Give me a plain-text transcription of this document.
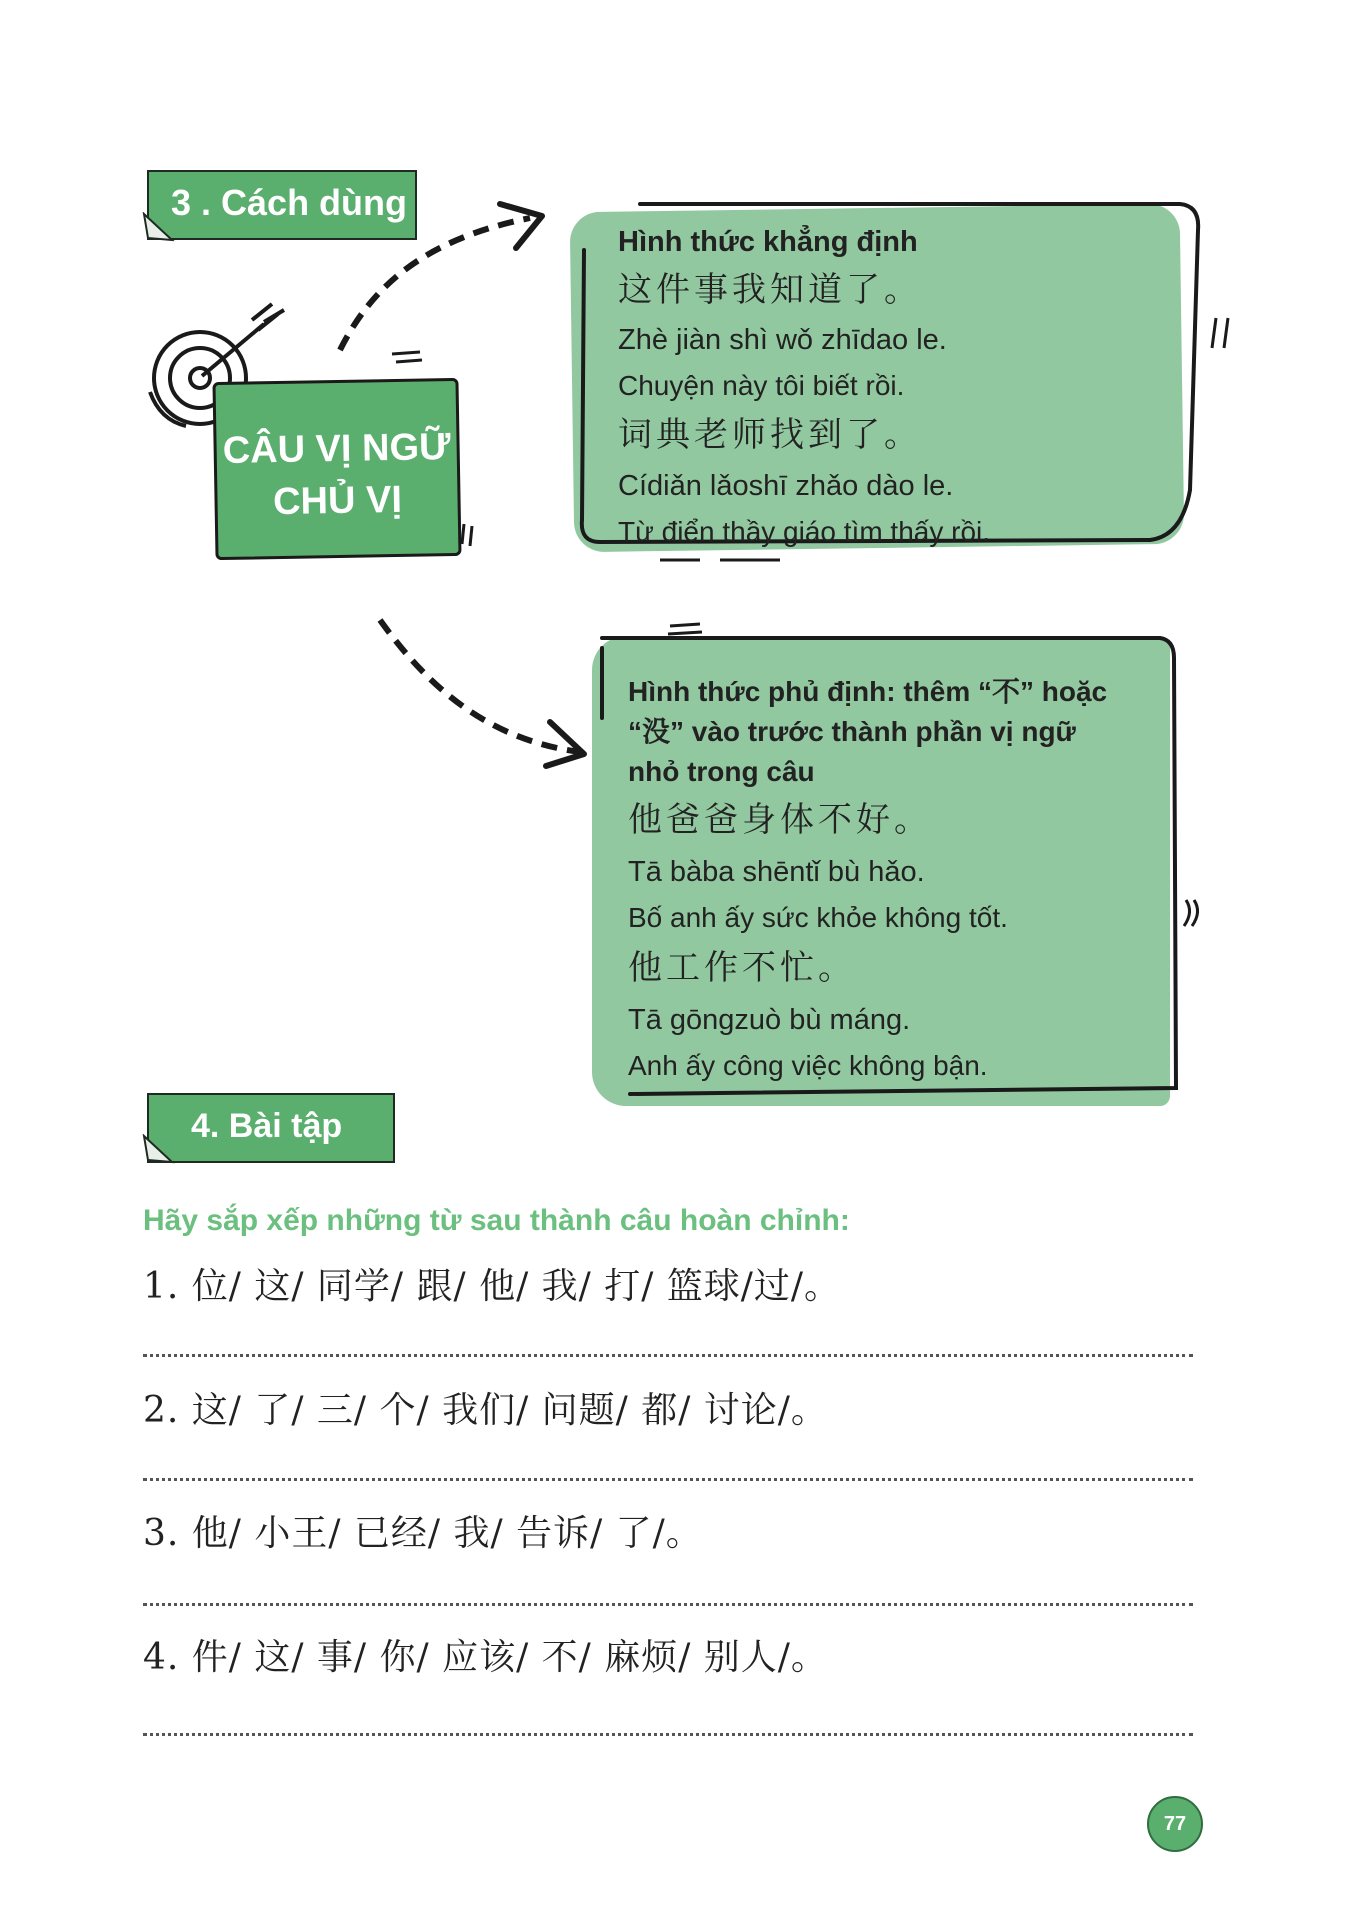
3 . Cách dùng
CÂU VỊ NGỮ
CHỦ VỊ

Hình thức khẳng định

这件事我知道了。

Zhè jiàn shì wǒ zhīdao le.

Chuyện này tôi biết rồi.

词典老师找到了。

Cídiǎn lǎoshī zhǎo dào le.

Từ điển thầy giáo tìm thấy rồi.

Hình thức phủ định: thêm “不” hoặc

“没” vào trước thành phần vị ngữ

nhỏ trong câu

他爸爸身体不好。

Tā bàba shēntǐ bù hǎo.

Bố anh ấy sức khỏe không tốt.

他工作不忙。

Tā gōngzuò bù máng.

Anh ấy công việc không bận.

4. Bài tập
Hãy sắp xếp những từ sau thành câu hoàn chỉnh:
1. 位/ 这/ 同学/ 跟/ 他/ 我/ 打/ 篮球/过/。
2. 这/ 了/ 三/ 个/ 我们/ 问题/ 都/ 讨论/。
3. 他/ 小王/ 已经/ 我/ 告诉/ 了/。
4. 件/ 这/ 事/ 你/ 应该/ 不/ 麻烦/ 别人/。
77
